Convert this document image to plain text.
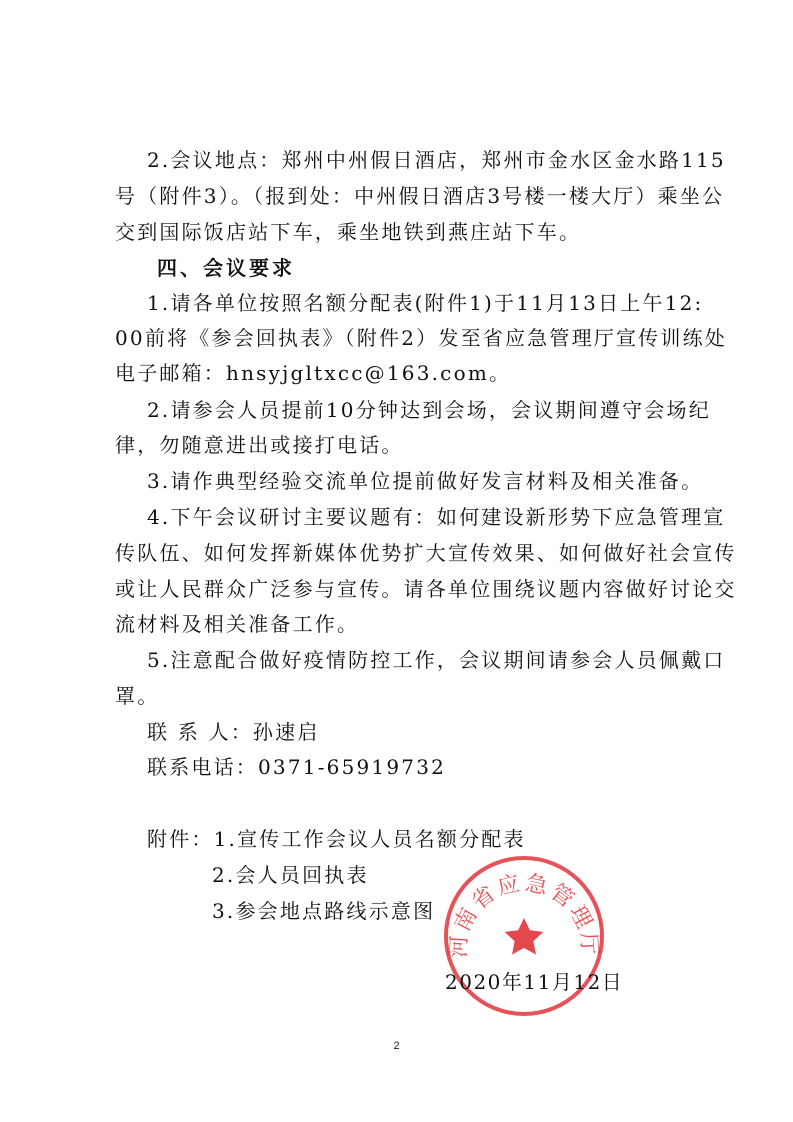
2.会议地点：郑州中州假日酒店，郑州市金水区金水路115
号（附件3）。（报到处：中州假日酒店3号楼一楼大厅）乘坐公
交到国际饭店站下车，乘坐地铁到燕庄站下车。
四、会议要求
1.请各单位按照名额分配表(附件1)于11月13日上午12:
00前将《参会回执表》（附件2）发至省应急管理厅宣传训练处
电子邮箱：hnsyjgltxcc@163.com。
2.请参会人员提前10分钟达到会场，会议期间遵守会场纪
律，勿随意进出或接打电话。
3.请作典型经验交流单位提前做好发言材料及相关准备。
4.下午会议研讨主要议题有：如何建设新形势下应急管理宣
传队伍、如何发挥新媒体优势扩大宣传效果、如何做好社会宣传
或让人民群众广泛参与宣传。请各单位围绕议题内容做好讨论交
流材料及相关准备工作。
5.注意配合做好疫情防控工作，会议期间请参会人员佩戴口
罩。
联 系 人：孙速启
联系电话：0371-65919732
附件：1.宣传工作会议人员名额分配表
2.会人员回执表
3.参会地点路线示意图
河南省应急管理厅
2020年11月12日
2
